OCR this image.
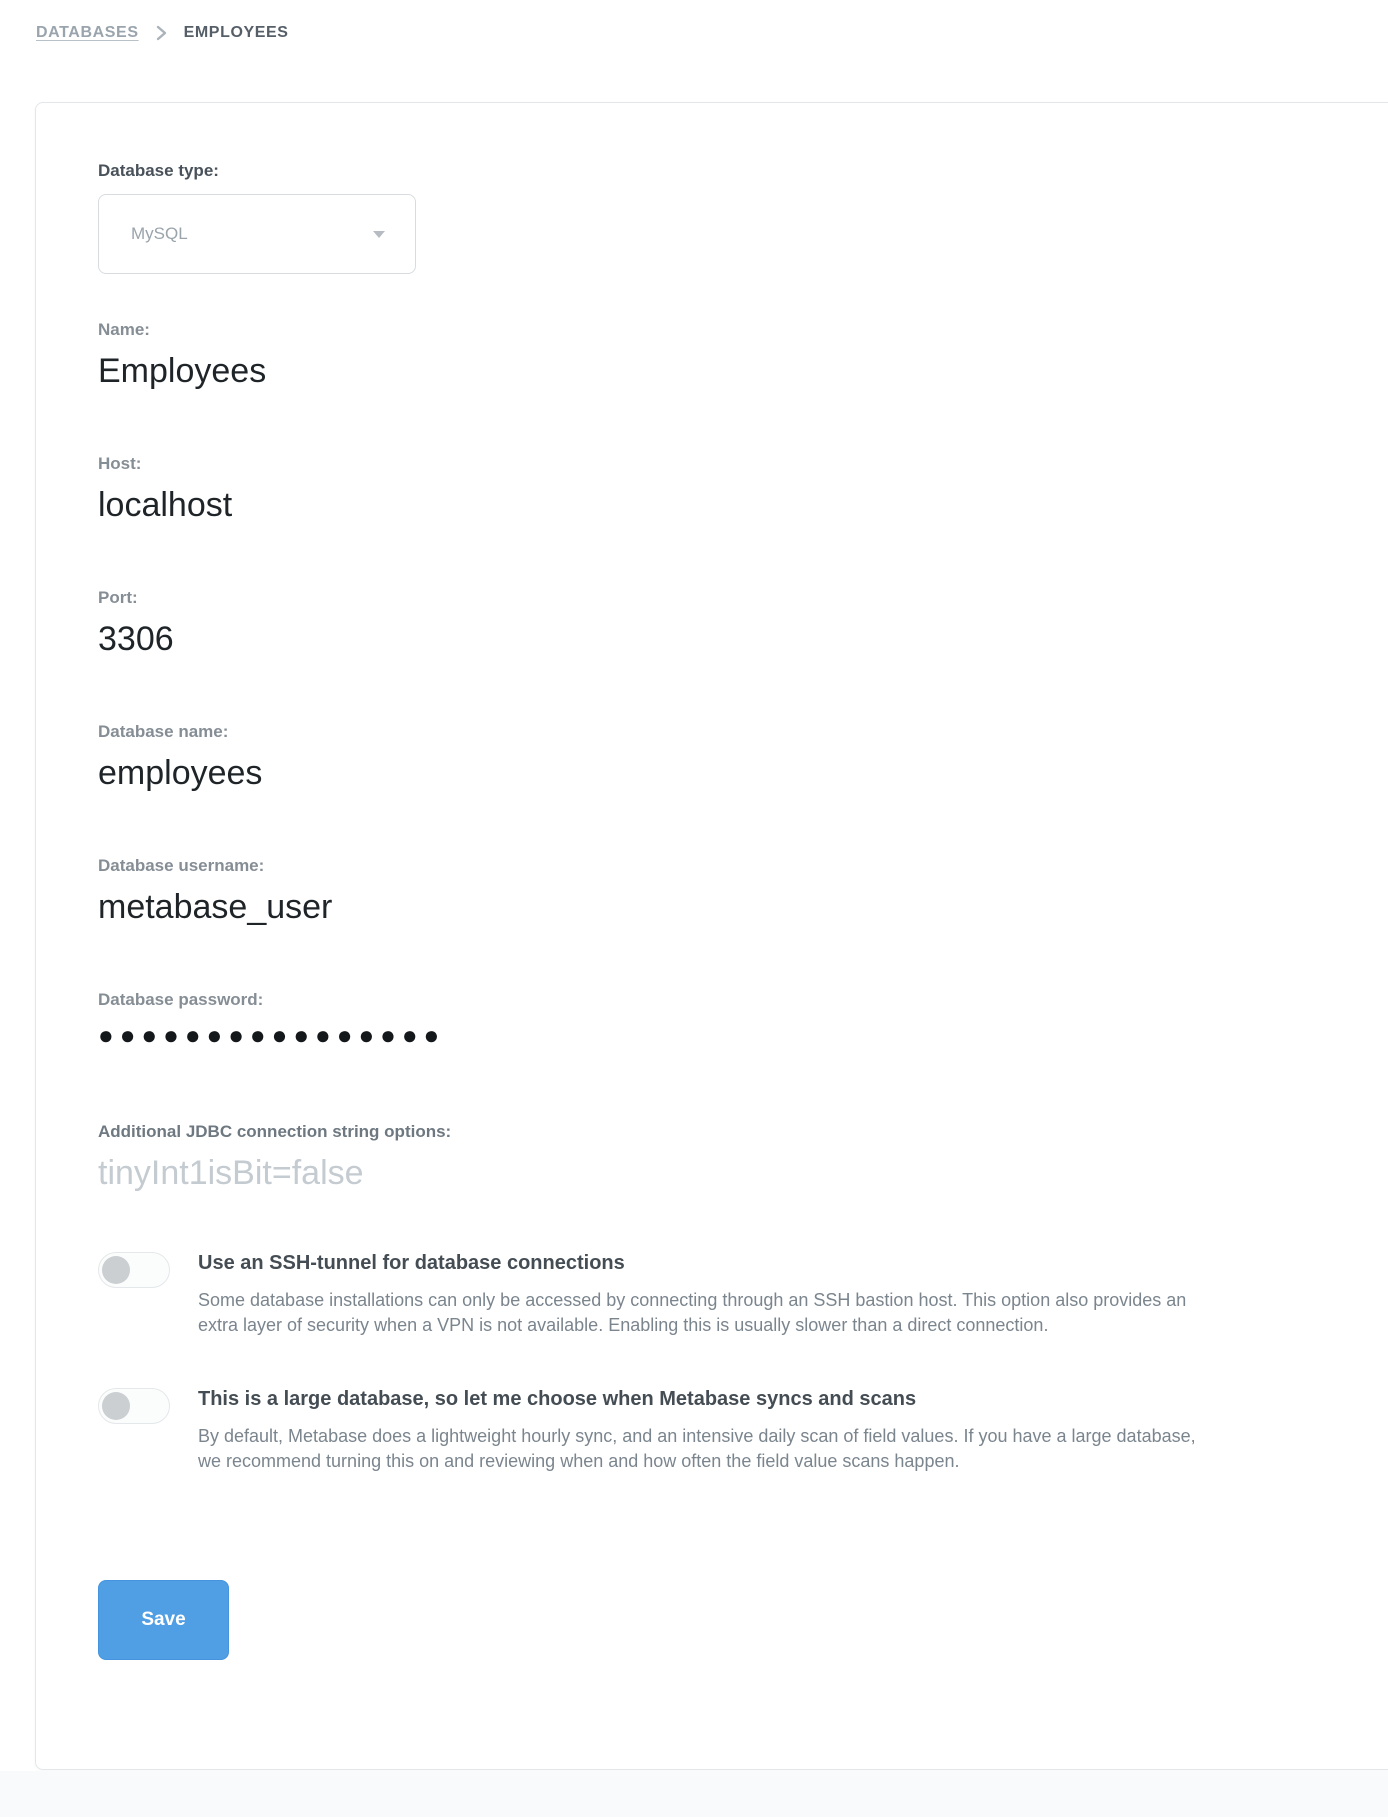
DATABASES	EMPLOYEES
Database type:
MySQL
Name:
Employees
Host:
localhost
Port:
3306
Database name:
employees
Database username:
metabase_user
Database password:
●●●●●●●●●●●●●●●●
Additional JDBC connection string options:
tinyInt1isBit=false
Use an SSH-tunnel for database connections
Some database installations can only be accessed by connecting through an SSH bastion host. This option also provides an extra layer of security when a VPN is not available. Enabling this is usually slower than a direct connection.
This is a large database, so let me choose when Metabase syncs and scans
By default, Metabase does a lightweight hourly sync, and an intensive daily scan of field values. If you have a large database, we recommend turning this on and reviewing when and how often the field value scans happen.
Save
